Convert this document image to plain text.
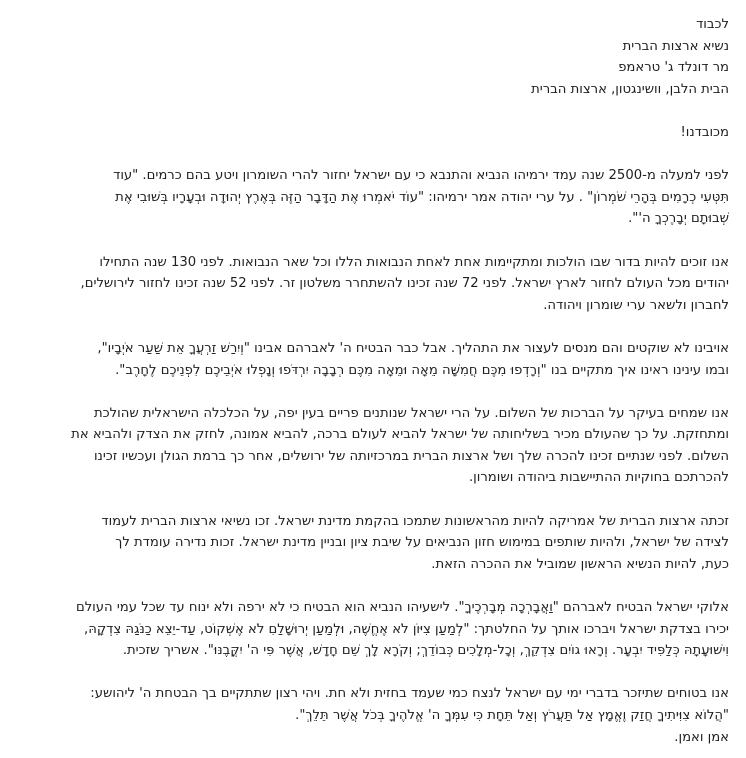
לכבוד
נשיא ארצות הברית
מר דונלד ג' טראמפ
הבית הלבן, וושינגטון, ארצות הברית
מכובדנו!
לפני למעלה מ-2500 שנה עמד ירמיהו הנביא והתנבא כי עם ישראל יחזור להרי השומרון ויטע בהם כרמים. "עוד
תִּטְּעִי כְרָמִים בְּהָרֵי שֹׁמְרוֹן" . על ערי יהודה אמר ירמיהו: "עוֹד יֹאמְרוּ אֶת הַדָּבָר הַזֶּה בְּאֶרֶץ יְהוּדָה וּבְעָרָיו בְּשׁוּבִי אֶת
שְׁבוּתָם יְבָרֶכְךָ ה'".
אנו זוכים להיות בדור שבו הולכות ומתקיימות אחת לאחת הנבואות הללו וכל שאר הנבואות. לפני 130 שנה התחילו
יהודים מכל העולם לחזור לארץ ישראל. לפני 72 שנה זכינו להשתחרר משלטון זר. לפני 52 שנה זכינו לחזור לירושלים,
לחברון ולשאר ערי שומרון ויהודה.
אויבינו לא שוקטים והם מנסים לעצור את התהליך. אבל כבר הבטיח ה' לאברהם אבינו "וְיִרַשׁ זַרְעֲךָ אֵת שַׁעַר אֹיְבָיו",
ובמו עינינו ראינו איך מתקיים בנו "וְרָדְפוּ מִכֶּם חֲמִשָּׁה מֵאָה וּמֵאָה מִכֶּם רְבָבָה יִרְדֹּפוּ וְנָפְלוּ אֹיְבֵיכֶם לִפְנֵיכֶם לֶחָרֶב".
אנו שמחים בעיקר על הברכות של השלום. על הרי ישראל שנותנים פריים בעין יפה, על הכלכלה הישראלית שהולכת
ומתחזקת. על כך שהעולם מכיר בשליחותה של ישראל להביא לעולם ברכה, להביא אמונה, לחזק את הצדק ולהביא את
השלום. לפני שנתיים זכינו להכרה שלך ושל ארצות הברית במרכזיותה של ירושלים, אחר כך ברמת הגולן ועכשיו זכינו
להכרתכם בחוקיות ההתיישבות ביהודה ושומרון.
זכתה ארצות הברית של אמריקה להיות מהראשונות שתמכו בהקמת מדינת ישראל. זכו נשיאי ארצות הברית לעמוד
לצידה של ישראל, ולהיות שותפים במימוש חזון הנביאים על שיבת ציון ובניין מדינת ישראל. זכות נדירה עומדת לך
כעת, להיות הנשיא הראשון שמוביל את ההכרה הזאת.
אלוקי ישראל הבטיח לאברהם "וַאֲבָרְכָה מְבָרְכֶיךָ". לישעיהו הנביא הוא הבטיח כי לא ירפה ולא ינוח עד שכל עמי העולם
יכירו בצדקת ישראל ויברכו אותך על החלטתך: "לְמַעַן צִיּוֹן לֹא אֶחֱשֶׁה, וּלְמַעַן יְרוּשָׁלַםִ לֹא אֶשְׁקוֹט, עַד-יֵצֵא כַנֹּגַהּ צִדְקָהּ,
וִישׁוּעָתָהּ כְּלַפִּיד יִבְעָר. וְרָאוּ גוֹיִם צִדְקֵךְ, וְכָל-מְלָכִים כְּבוֹדֵךְ; וְקֹרָא לָךְ שֵׁם חָדָשׁ, אֲשֶׁר פִּי ה' יִקֳּבֶנּוּ". אשריך שזכית.
אנו בטוחים שתיזכר בדברי ימי עם ישראל לנצח כמי שעמד בחזית ולא חת. ויהי רצון שתתקיים בך הבטחת ה' ליהושע:
"הֲלוֹא צִוִּיתִיךָ חֲזַק וֶאֱמָץ אַל תַּעֲרֹץ וְאַל תֵּחָת כִּי עִמְּךָ ה' אֱלֹהֶיךָ בְּכֹל אֲשֶׁר תֵּלֵךְ".
אמן ואמן.
